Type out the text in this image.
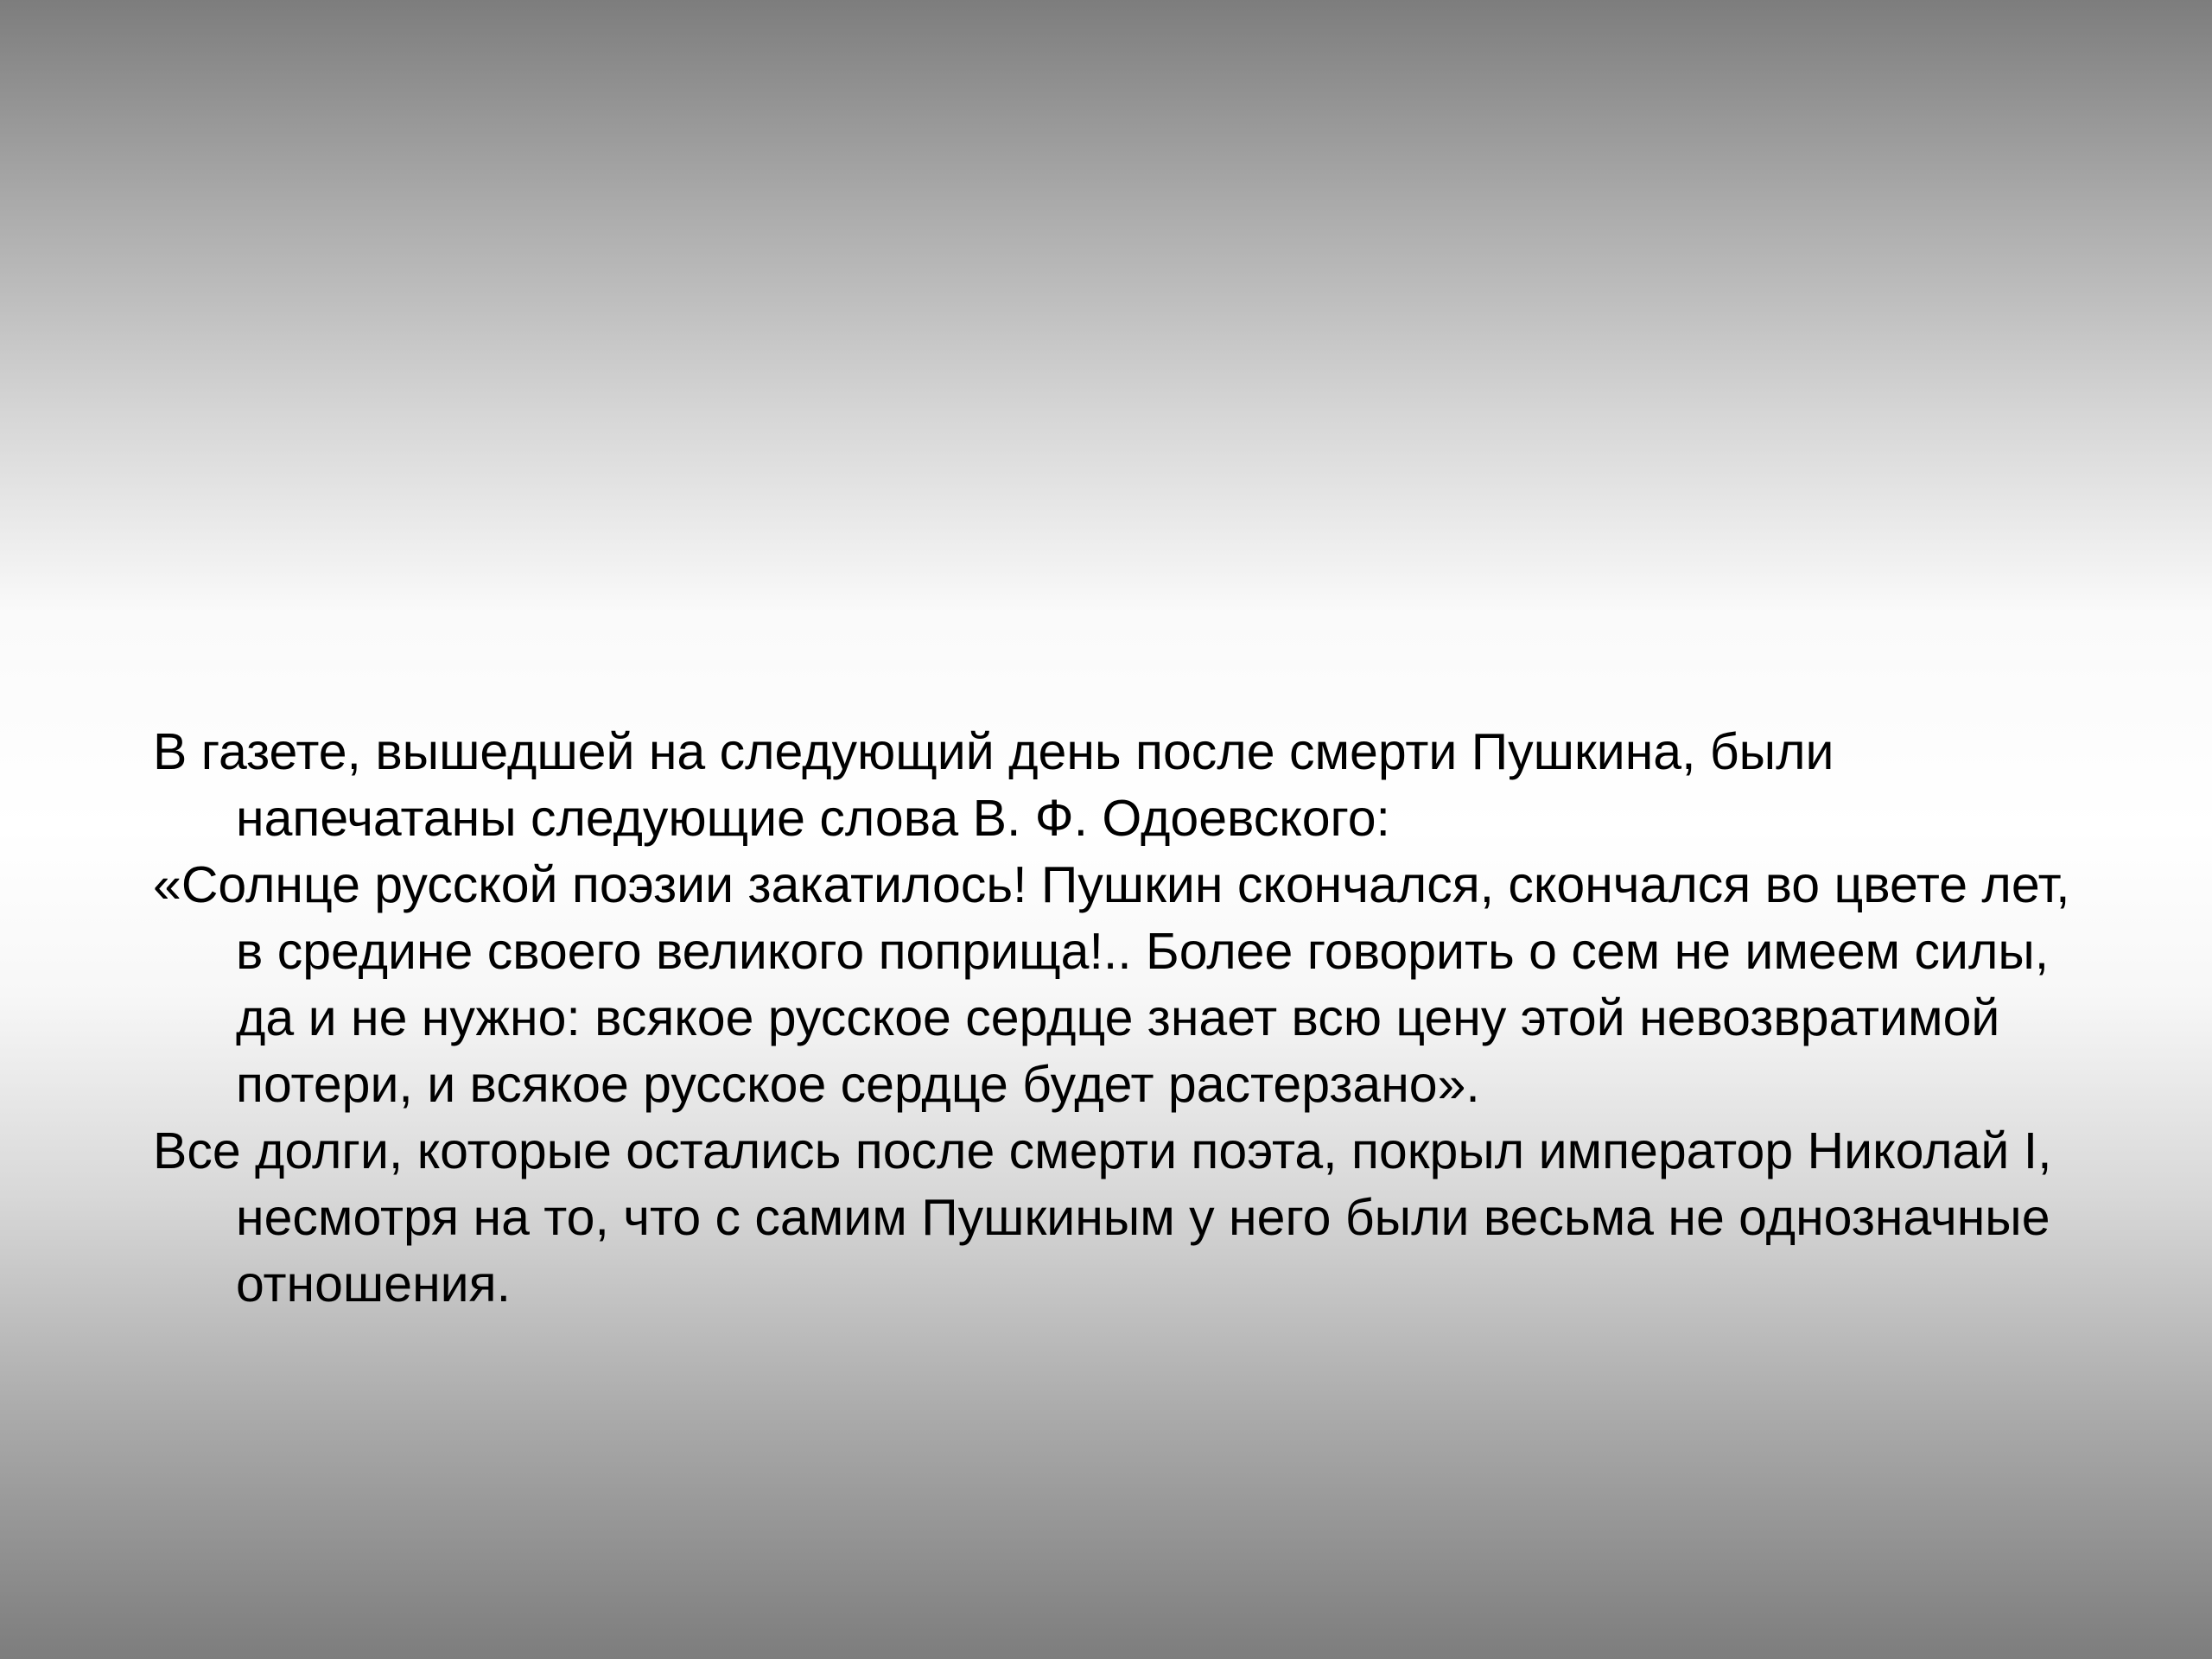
В газете, вышедшей на следующий день после смерти Пушкина, были напечатаны следующие слова В. Ф. Одоевского:

«Солнце русской поэзии закатилось! Пушкин скончался, скончался во цвете лет, в средине своего великого поприща!.. Более говорить о сем не имеем силы, да и не нужно: всякое русское сердце знает всю цену этой невозвратимой потери, и всякое русское сердце будет растерзано».

Все долги, которые остались после смерти поэта, покрыл император Николай I, несмотря на то, что с самим Пушкиным у него были весьма не однозначные отношения.
